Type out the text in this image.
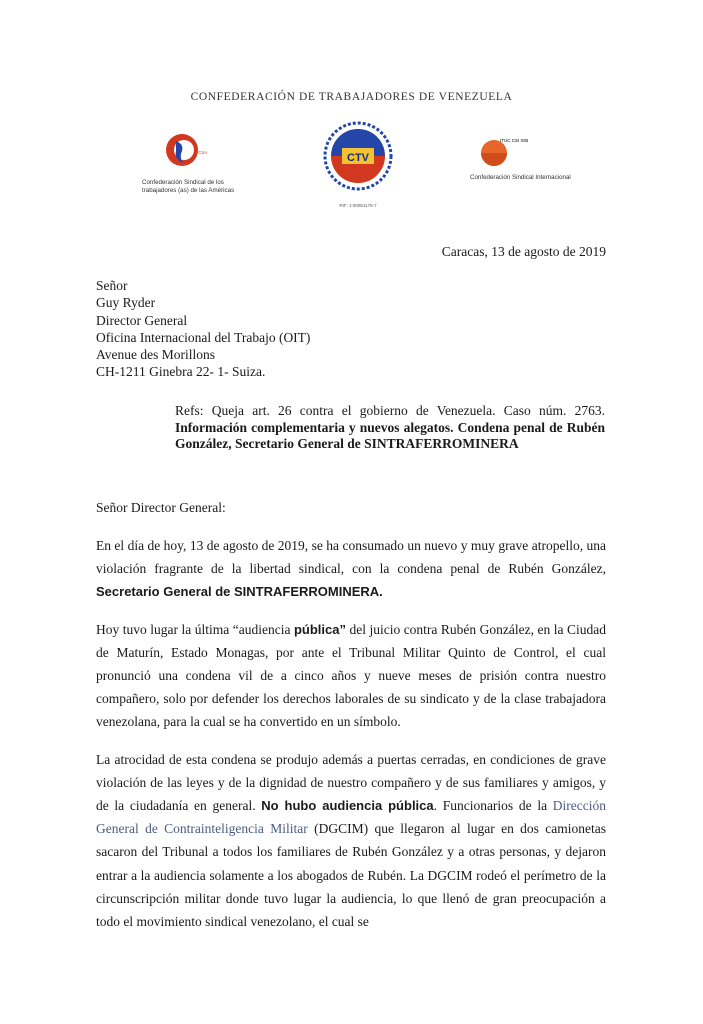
CONFEDERACIÓN DE TRABAJADORES DE VENEZUELA
CSA
Confederación Sindical de los
trabajadores (as) de las Américas
CTV
RIF: J-00051175-7
ITUC CSI IGB
Confederación Sindical Internacional
Caracas, 13 de agosto de 2019
Señor
Guy Ryder
Director General
Oficina Internacional del Trabajo (OIT)
Avenue des Morillons
CH-1211 Ginebra 22- 1- Suiza.
Refs: Queja art. 26 contra el gobierno de Venezuela. Caso núm. 2763. Información complementaria y nuevos alegatos. Condena penal de Rubén González, Secretario General de SINTRAFERROMINERA
Señor Director General:

En el día de hoy, 13 de agosto de 2019, se ha consumado un nuevo y muy grave atropello, una violación fragrante de la libertad sindical, con la condena penal de Rubén González, Secretario General de SINTRAFERROMINERA.

Hoy tuvo lugar la última “audiencia pública” del juicio contra Rubén González, en la Ciudad de Maturín, Estado Monagas, por ante el Tribunal Militar Quinto de Control, el cual pronunció una condena vil de a cinco años y nueve meses de prisión contra nuestro compañero, solo por defender los derechos laborales de su sindicato y de la clase trabajadora venezolana, para la cual se ha convertido en un símbolo.

La atrocidad de esta condena se produjo además a puertas cerradas, en condiciones de grave violación de las leyes y de la dignidad de nuestro compañero y de sus familiares y amigos, y de la ciudadanía en general. No hubo audiencia pública. Funcionarios de la Dirección General de Contrainteligencia Militar (DGCIM) que llegaron al lugar en dos camionetas sacaron del Tribunal a todos los familiares de Rubén González y a otras personas, y dejaron entrar a la audiencia solamente a los abogados de Rubén. La DGCIM rodeó el perímetro de la circunscripción militar donde tuvo lugar la audiencia, lo que llenó de gran preocupación a todo el movimiento sindical venezolano, el cual se
